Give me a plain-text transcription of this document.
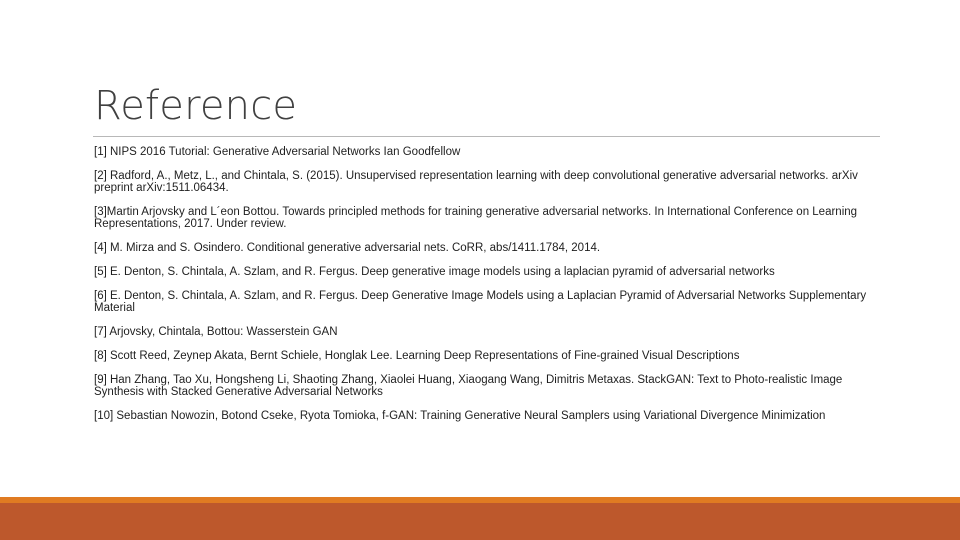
Reference
[1] NIPS 2016 Tutorial: Generative Adversarial Networks Ian Goodfellow
[2] Radford, A., Metz, L., and Chintala, S. (2015). Unsupervised representation learning with deep convolutional generative adversarial networks. arXiv preprint arXiv:1511.06434.
[3]Martin Arjovsky and L´eon Bottou. Towards principled methods for training generative adversarial networks. In International Conference on Learning Representations, 2017. Under review.
[4] M. Mirza and S. Osindero. Conditional generative adversarial nets. CoRR, abs/1411.1784, 2014.
[5] E. Denton, S. Chintala, A. Szlam, and R. Fergus. Deep generative image models using a laplacian pyramid of adversarial networks
[6] E. Denton, S. Chintala, A. Szlam, and R. Fergus. Deep Generative Image Models using a Laplacian Pyramid of Adversarial Networks Supplementary Material
[7] Arjovsky, Chintala, Bottou: Wasserstein GAN
[8] Scott Reed, Zeynep Akata, Bernt Schiele, Honglak Lee. Learning Deep Representations of Fine-grained Visual Descriptions
[9] Han Zhang, Tao Xu, Hongsheng Li, Shaoting Zhang, Xiaolei Huang, Xiaogang Wang, Dimitris Metaxas. StackGAN: Text to Photo-realistic Image Synthesis with Stacked Generative Adversarial Networks
[10] Sebastian Nowozin, Botond Cseke, Ryota Tomioka, f-GAN: Training Generative Neural Samplers using Variational Divergence Minimization
